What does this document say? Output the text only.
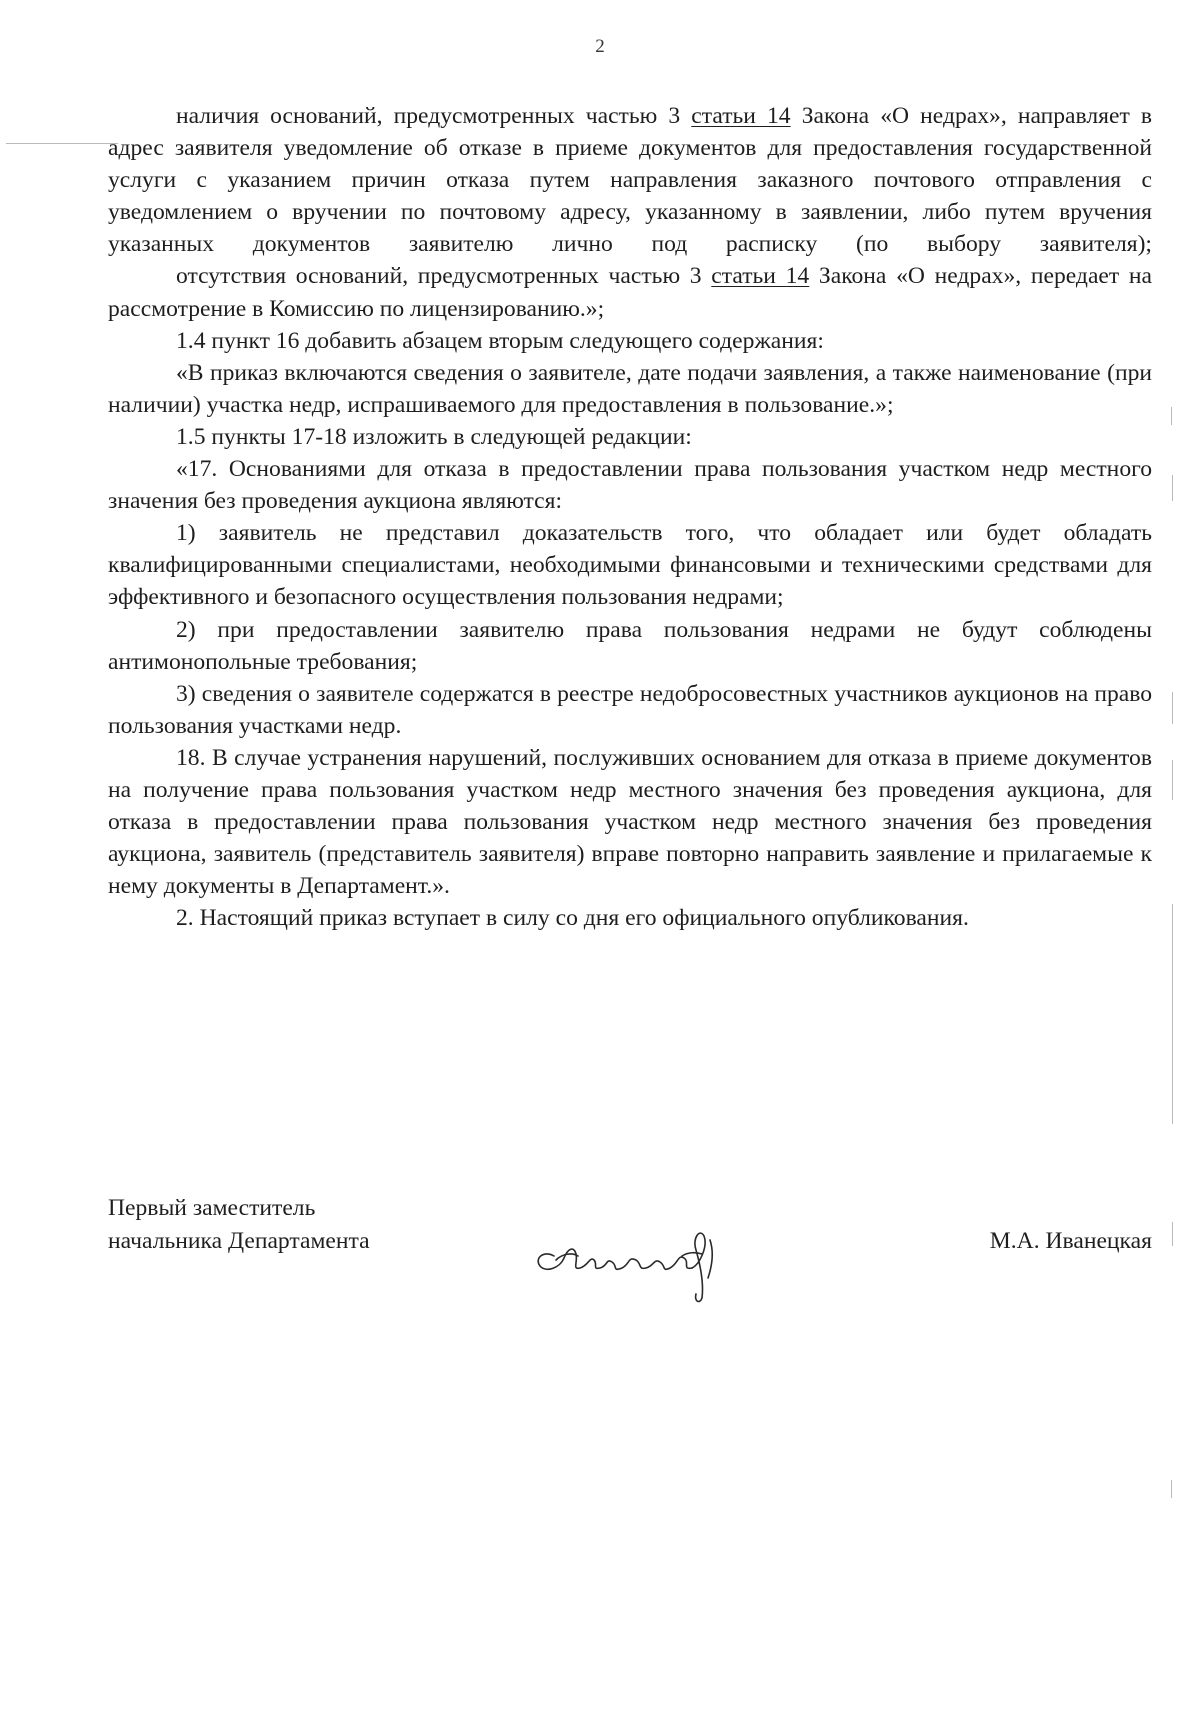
2

наличия оснований, предусмотренных частью 3 статьи 14 Закона «О недрах», направляет в адрес заявителя уведомление об отказе в приеме документов для предоставления государственной услуги с указанием причин отказа путем направления заказного почтового отправления с уведомлением о вручении по почтовому адресу, указанному в заявлении, либо путем вручения указанных документов заявителю лично под расписку (по выбору заявителя);

отсутствия оснований, предусмотренных частью 3 статьи 14 Закона «О недрах», передает на рассмотрение в Комиссию по лицензированию.»;

1.4 пункт 16 добавить абзацем вторым следующего содержания:

«В приказ включаются сведения о заявителе, дате подачи заявления, а также наименование (при наличии) участка недр, испрашиваемого для предоставления в пользование.»;

1.5 пункты 17-18 изложить в следующей редакции:

«17. Основаниями для отказа в предоставлении права пользования участком недр местного значения без проведения аукциона являются:

1) заявитель не представил доказательств того, что обладает или будет обладать квалифицированными специалистами, необходимыми финансовыми и техническими средствами для эффективного и безопасного осуществления пользования недрами;

2) при предоставлении заявителю права пользования недрами не будут соблюдены антимонопольные требования;

3) сведения о заявителе содержатся в реестре недобросовестных участников аукционов на право пользования участками недр.

18. В случае устранения нарушений, послуживших основанием для отказа в приеме документов на получение права пользования участком недр местного значения без проведения аукциона, для отказа в предоставлении права пользования участком недр местного значения без проведения аукциона, заявитель (представитель заявителя) вправе повторно направить заявление и прилагаемые к нему документы в Департамент.».

2. Настоящий приказ вступает в силу со дня его официального опубликования.

Первый заместитель
начальника Департамента	М.А. Иванецкая
